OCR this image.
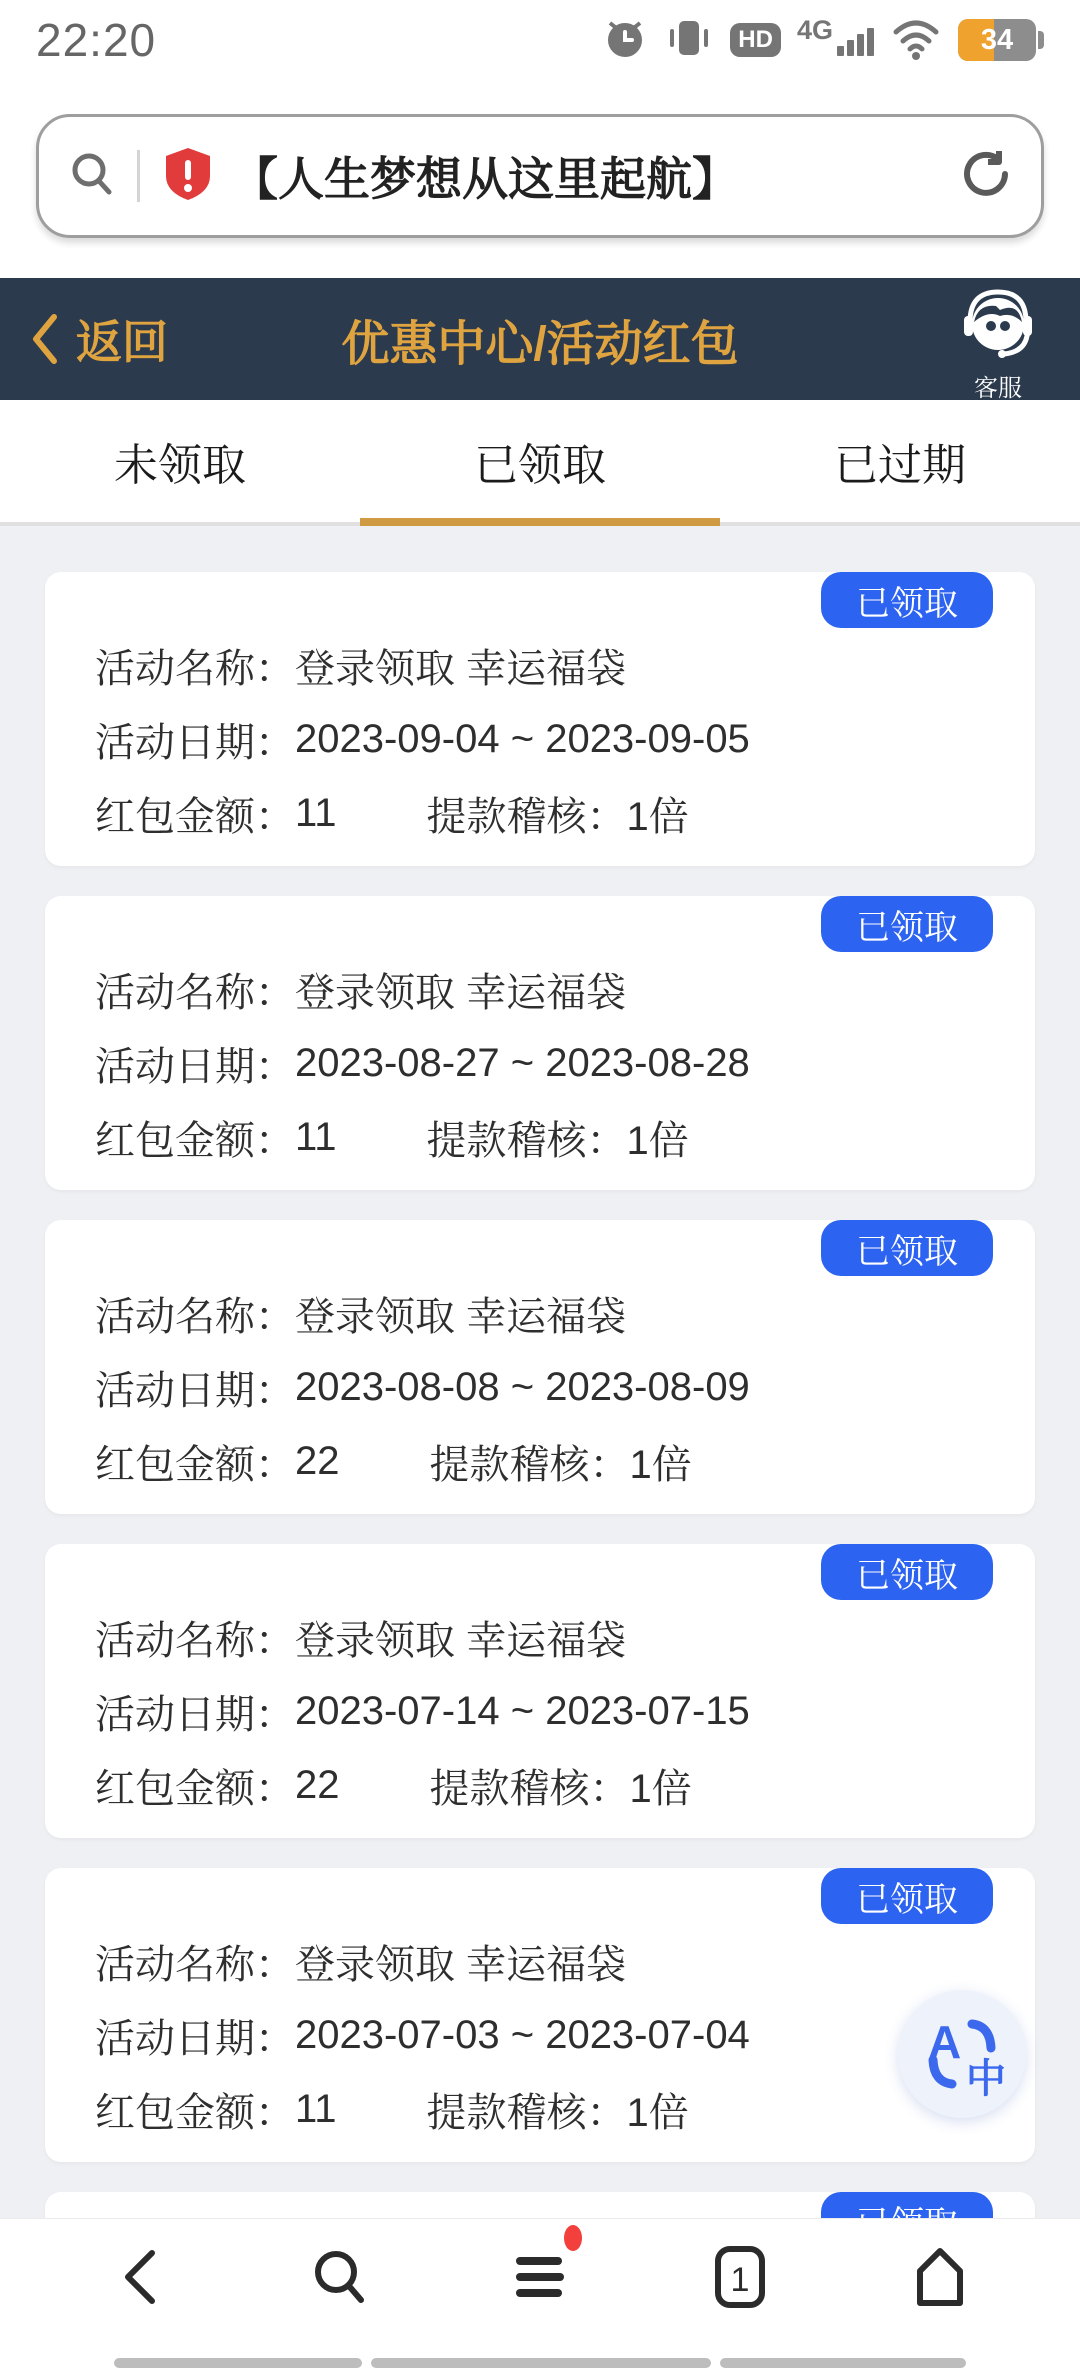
22:20	HD 4G	34
【人生梦想从这里起航】
返回	优惠中心/活动红包
客服
未领取	已领取	已过期
已领取
活动名称： 登录领取 幸运福袋
活动日期： 2023-09-04 ~ 2023-09-05
红包金额： 11 提款稽核： 1倍
已领取
活动名称： 登录领取 幸运福袋
活动日期： 2023-08-27 ~ 2023-08-28
红包金额： 11 提款稽核： 1倍
已领取
活动名称： 登录领取 幸运福袋
活动日期： 2023-08-08 ~ 2023-08-09
红包金额： 22 提款稽核： 1倍
已领取
活动名称： 登录领取 幸运福袋
活动日期： 2023-07-14 ~ 2023-07-15
红包金额： 22 提款稽核： 1倍
已领取
活动名称： 登录领取 幸运福袋
活动日期： 2023-07-03 ~ 2023-07-04
红包金额： 11 提款稽核： 1倍
A
中
1
